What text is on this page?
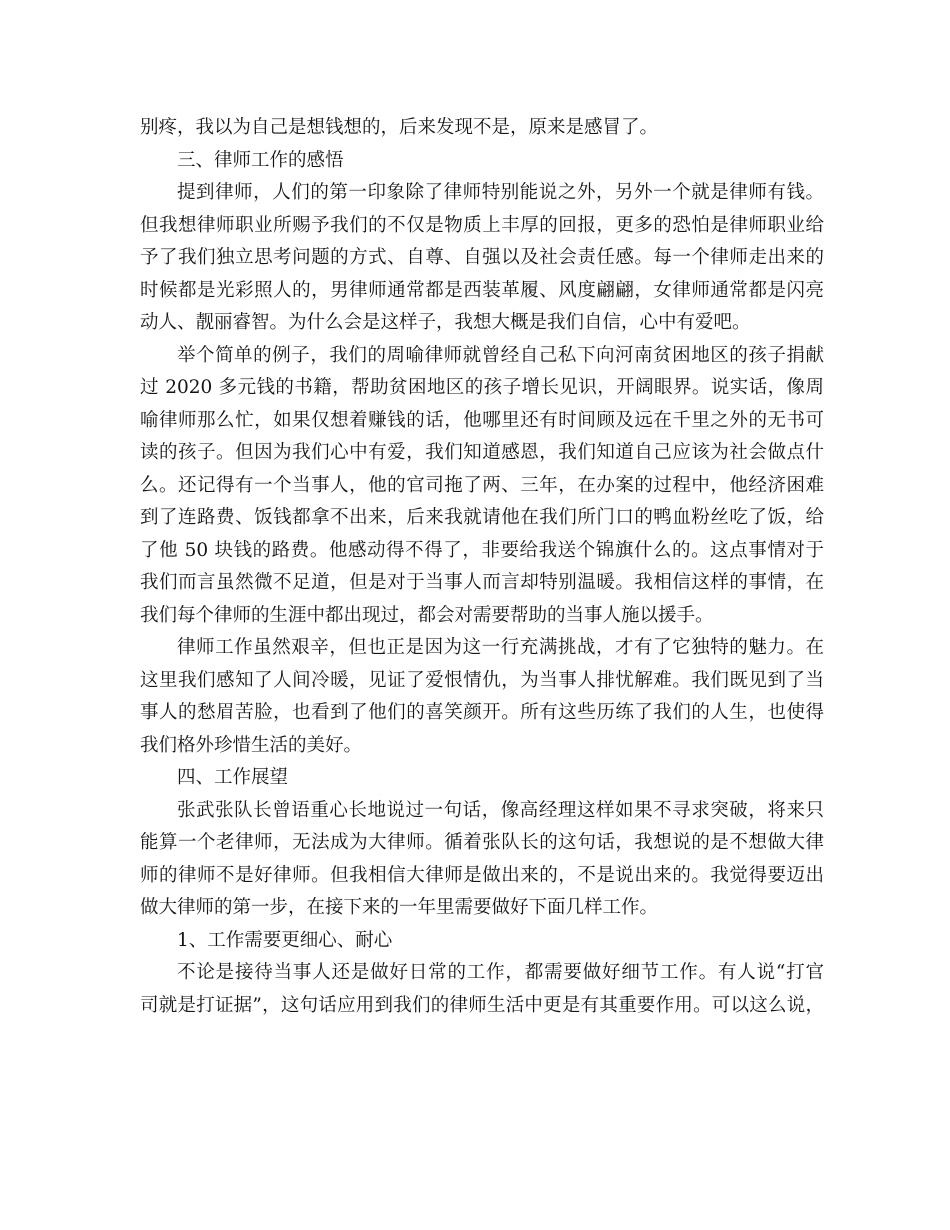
别疼，我以为自己是想钱想的，后来发现不是，原来是感冒了。
三、律师工作的感悟
提到律师，人们的第一印象除了律师特别能说之外，另外一个就是律师有钱。
但我想律师职业所赐予我们的不仅是物质上丰厚的回报，更多的恐怕是律师职业给
予了我们独立思考问题的方式、自尊、自强以及社会责任感。每一个律师走出来的
时候都是光彩照人的，男律师通常都是西装革履、风度翩翩，女律师通常都是闪亮
动人、靓丽睿智。为什么会是这样子，我想大概是我们自信，心中有爱吧。
举个简单的例子，我们的周喻律师就曾经自己私下向河南贫困地区的孩子捐献
过 2020 多元钱的书籍，帮助贫困地区的孩子增长见识，开阔眼界。说实话，像周
喻律师那么忙，如果仅想着赚钱的话，他哪里还有时间顾及远在千里之外的无书可
读的孩子。但因为我们心中有爱，我们知道感恩，我们知道自己应该为社会做点什
么。还记得有一个当事人，他的官司拖了两、三年，在办案的过程中，他经济困难
到了连路费、饭钱都拿不出来，后来我就请他在我们所门口的鸭血粉丝吃了饭，给
了他 50 块钱的路费。他感动得不得了，非要给我送个锦旗什么的。这点事情对于
我们而言虽然微不足道，但是对于当事人而言却特别温暖。我相信这样的事情，在
我们每个律师的生涯中都出现过，都会对需要帮助的当事人施以援手。
律师工作虽然艰辛，但也正是因为这一行充满挑战，才有了它独特的魅力。在
这里我们感知了人间冷暖，见证了爱恨情仇，为当事人排忧解难。我们既见到了当
事人的愁眉苦脸，也看到了他们的喜笑颜开。所有这些历练了我们的人生，也使得
我们格外珍惜生活的美好。
四、工作展望
张武张队长曾语重心长地说过一句话，像高经理这样如果不寻求突破，将来只
能算一个老律师，无法成为大律师。循着张队长的这句话，我想说的是不想做大律
师的律师不是好律师。但我相信大律师是做出来的，不是说出来的。我觉得要迈出
做大律师的第一步，在接下来的一年里需要做好下面几样工作。
1、工作需要更细心、耐心
不论是接待当事人还是做好日常的工作，都需要做好细节工作。有人说“打官
司就是打证据”，这句话应用到我们的律师生活中更是有其重要作用。可以这么说，
